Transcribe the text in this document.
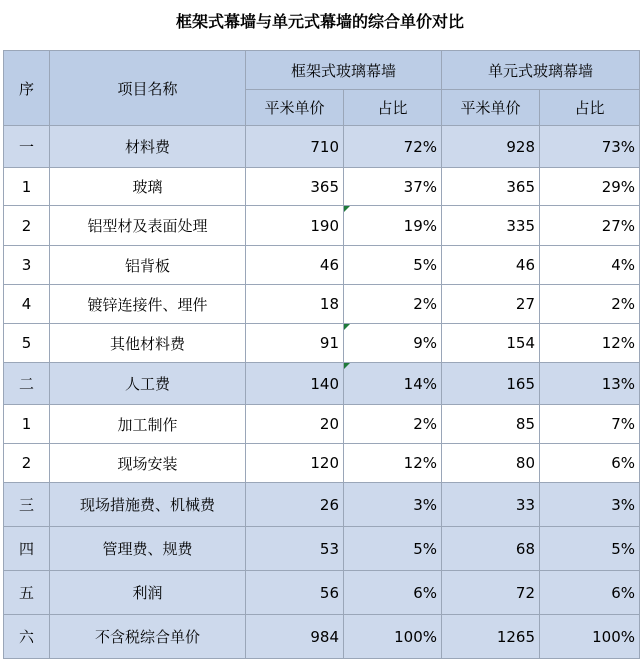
框架式幕墙与单元式幕墙的综合单价对比
序	项目名称	框架式玻璃幕墙		单元式玻璃幕墙	
		平米单价	占比	平米单价	占比
一	材料费	710	72%	928	73%
1	玻璃	365	37%	365	29%
2	铝型材及表面处理	190	19%	335	27%
3	铝背板	46	5%	46	4%
4	镀锌连接件、埋件	18	2%	27	2%
5	其他材料费	91	9%	154	12%
二	人工费	140	14%	165	13%
1	加工制作	20	2%	85	7%
2	现场安装	120	12%	80	6%
三	现场措施费、机械费	26	3%	33	3%
四	管理费、规费	53	5%	68	5%
五	利润	56	6%	72	6%
六	不含税综合单价	984	100%	1265	100%
